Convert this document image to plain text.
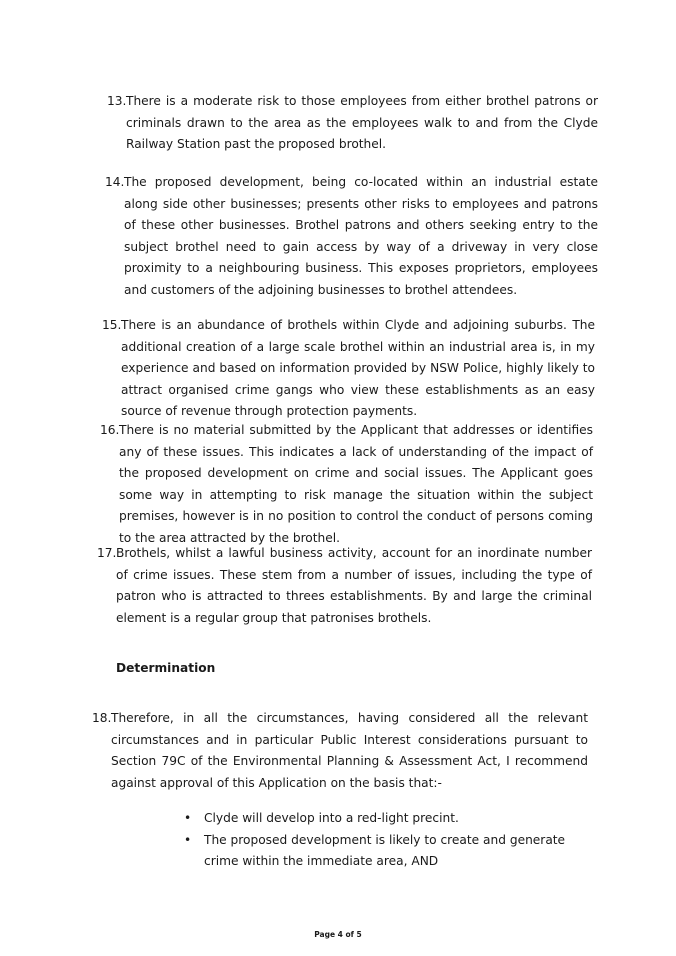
13. There is a moderate risk to those employees from either brothel patrons or criminals drawn to the area as the employees walk to and from the Clyde Railway Station past the proposed brothel.
14. The proposed development, being co-located within an industrial estate along side other businesses; presents other risks to employees and patrons of these other businesses. Brothel patrons and others seeking entry to the subject brothel need to gain access by way of a driveway in very close proximity to a neighbouring business. This exposes proprietors, employees and customers of the adjoining businesses to brothel attendees.
15. There is an abundance of brothels within Clyde and adjoining suburbs. The additional creation of a large scale brothel within an industrial area is, in my experience and based on information provided by NSW Police, highly likely to attract organised crime gangs who view these establishments as an easy source of revenue through protection payments.
16. There is no material submitted by the Applicant that addresses or identifies any of these issues. This indicates a lack of understanding of the impact of the proposed development on crime and social issues. The Applicant goes some way in attempting to risk manage the situation within the subject premises, however is in no position to control the conduct of persons coming to the area attracted by the brothel.
17. Brothels, whilst a lawful business activity, account for an inordinate number of crime issues. These stem from a number of issues, including the type of patron who is attracted to threes establishments. By and large the criminal element is a regular group that patronises brothels.
Determination
18. Therefore, in all the circumstances, having considered all the relevant circumstances and in particular Public Interest considerations pursuant to Section 79C of the Environmental Planning & Assessment Act, I recommend against approval of this Application on the basis that:-
• Clyde will develop into a red-light precint.
• The proposed development is likely to create and generate crime within the immediate area, AND
Page 4 of 5
